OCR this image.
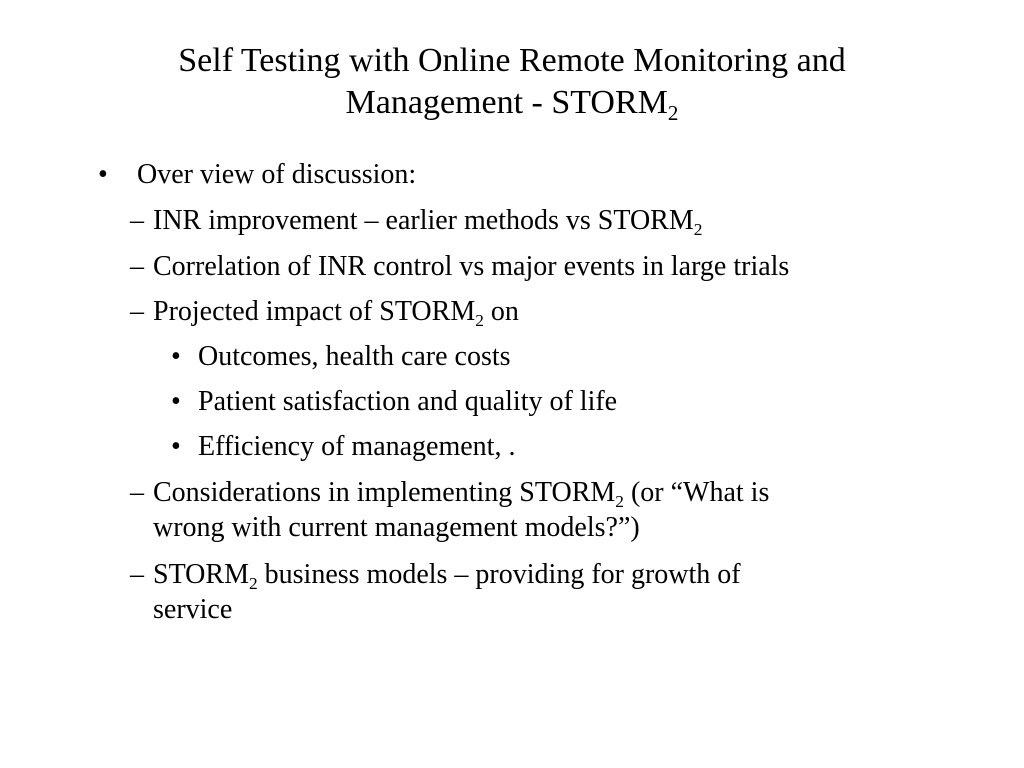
Self Testing with Online Remote Monitoring and
Management - $STORM_2$
• Over view of discussion:
– INR improvement – earlier methods vs $STORM_2$
– Correlation of INR control vs major events in large trials
– Projected impact of $STORM_2$ on
• Outcomes, health care costs
• Patient satisfaction and quality of life
• Efficiency of management, .
– Considerations in implementing $STORM_2$ (or “What is
wrong with current management models?”)
– $STORM_2$ business models – providing for growth of
service
